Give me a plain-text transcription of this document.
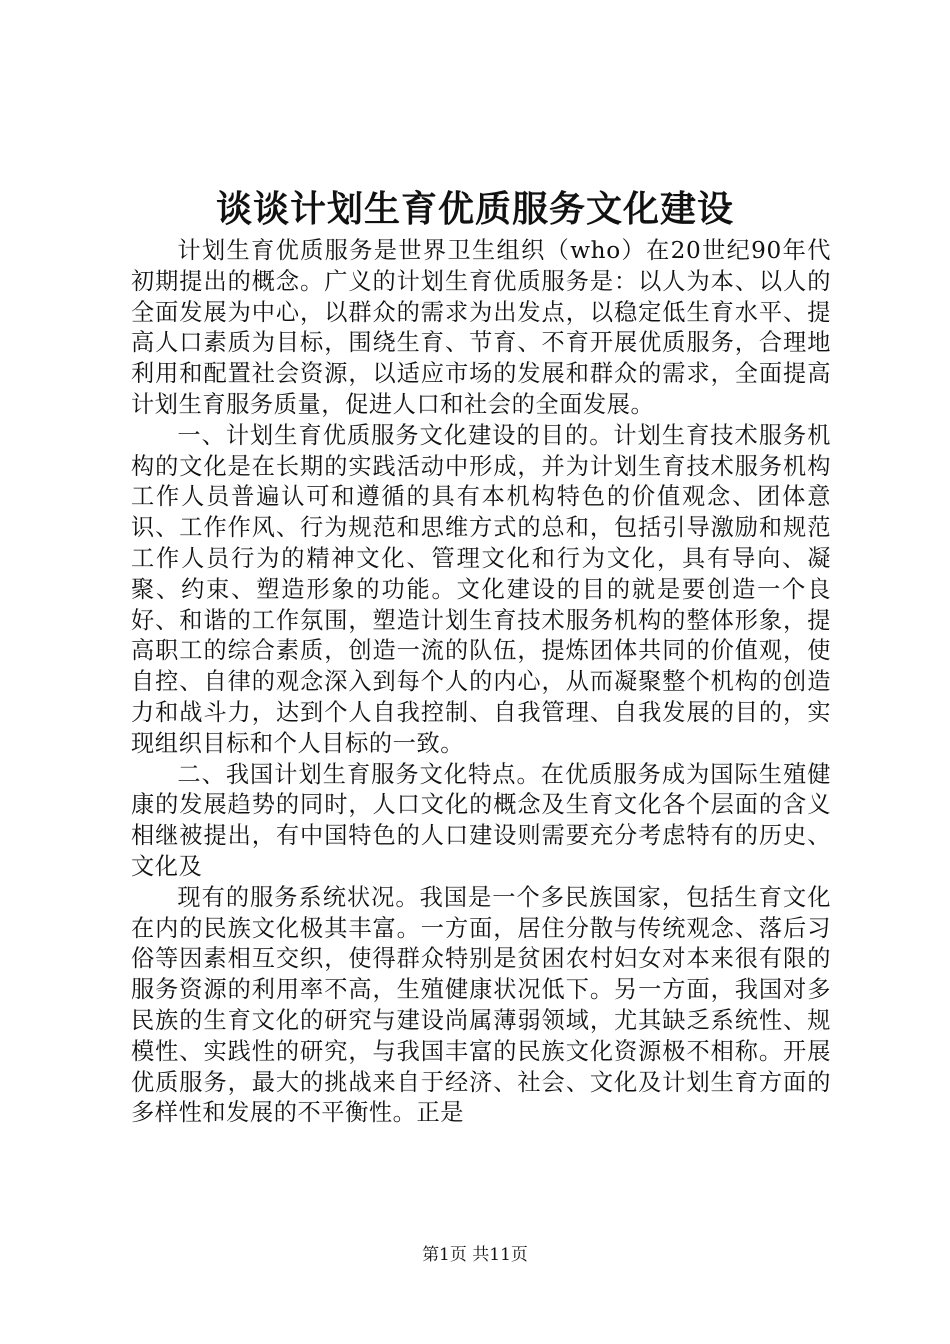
谈谈计划生育优质服务文化建设

计划生育优质服务是世界卫生组织（who）在20世纪90年代初期提出的概念。广义的计划生育优质服务是：以人为本、以人的全面发展为中心，以群众的需求为出发点，以稳定低生育水平、提高人口素质为目标，围绕生育、节育、不育开展优质服务，合理地利用和配置社会资源，以适应市场的发展和群众的需求，全面提高计划生育服务质量，促进人口和社会的全面发展。

一、计划生育优质服务文化建设的目的。计划生育技术服务机构的文化是在长期的实践活动中形成，并为计划生育技术服务机构工作人员普遍认可和遵循的具有本机构特色的价值观念、团体意识、工作作风、行为规范和思维方式的总和，包括引导激励和规范工作人员行为的精神文化、管理文化和行为文化，具有导向、凝聚、约束、塑造形象的功能。文化建设的目的就是要创造一个良好、和谐的工作氛围，塑造计划生育技术服务机构的整体形象，提高职工的综合素质，创造一流的队伍，提炼团体共同的价值观，使自控、自律的观念深入到每个人的内心，从而凝聚整个机构的创造力和战斗力，达到个人自我控制、自我管理、自我发展的目的，实现组织目标和个人目标的一致。

二、我国计划生育服务文化特点。在优质服务成为国际生殖健康的发展趋势的同时，人口文化的概念及生育文化各个层面的含义相继被提出，有中国特色的人口建设则需要充分考虑特有的历史、文化及

现有的服务系统状况。我国是一个多民族国家，包括生育文化在内的民族文化极其丰富。一方面，居住分散与传统观念、落后习俗等因素相互交织，使得群众特别是贫困农村妇女对本来很有限的服务资源的利用率不高，生殖健康状况低下。另一方面，我国对多民族的生育文化的研究与建设尚属薄弱领域，尤其缺乏系统性、规模性、实践性的研究，与我国丰富的民族文化资源极不相称。开展优质服务，最大的挑战来自于经济、社会、文化及计划生育方面的多样性和发展的不平衡性。正是

第1页 共11页
